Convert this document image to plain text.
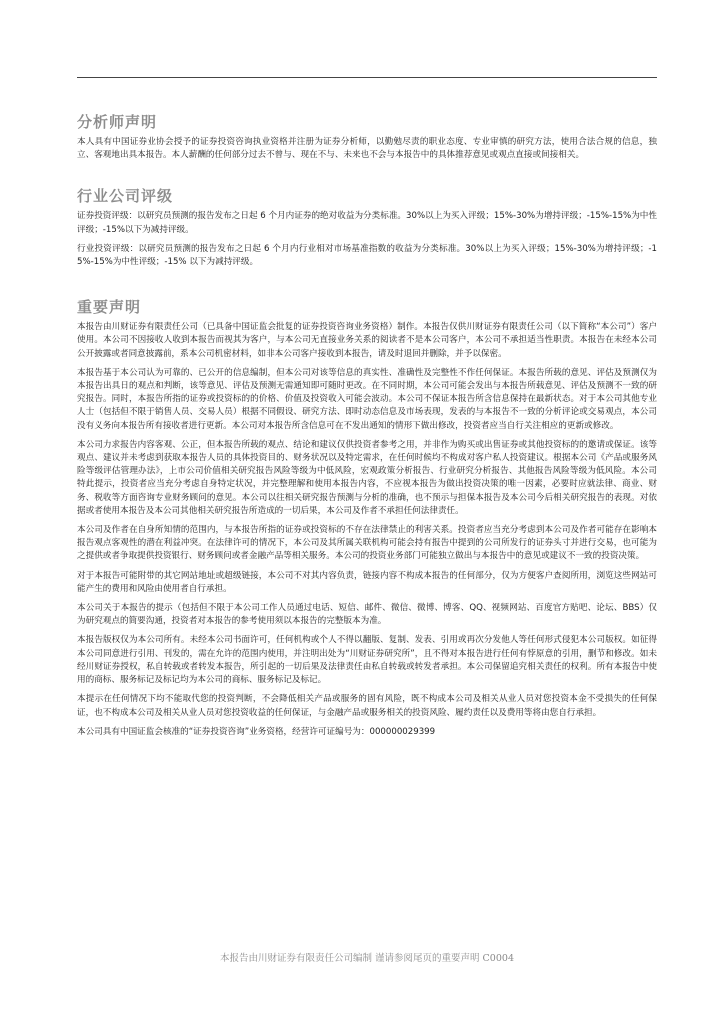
分析师声明

本人具有中国证券业协会授予的证券投资咨询执业资格并注册为证券分析师，以勤勉尽责的职业态度、专业审慎的研究方法，使用合法合规的信息，独立、客观地出具本报告。本人薪酬的任何部分过去不曾与、现在不与、未来也不会与本报告中的具体推荐意见或观点直接或间接相关。

行业公司评级

证券投资评级：以研究员预测的报告发布之日起 6 个月内证券的绝对收益为分类标准。30%以上为买入评级；15%-30%为增持评级；-15%-15%为中性评级；-15%以下为减持评级。

行业投资评级：以研究员预测的报告发布之日起 6 个月内行业相对市场基准指数的收益为分类标准。30%以上为买入评级；15%-30%为增持评级；-15%-15%为中性评级；-15% 以下为减持评级。

重要声明

本报告由川财证券有限责任公司（已具备中国证监会批复的证券投资咨询业务资格）制作。本报告仅供川财证券有限责任公司（以下简称“本公司”）客户使用。本公司不因接收人收到本报告而视其为客户，与本公司无直接业务关系的阅读者不是本公司客户，本公司不承担适当性职责。本报告在未经本公司公开披露或者同意披露前，系本公司机密材料，如非本公司客户接收到本报告，请及时退回并删除，并予以保密。

本报告基于本公司认为可靠的、已公开的信息编制，但本公司对该等信息的真实性、准确性及完整性不作任何保证。本报告所载的意见、评估及预测仅为本报告出具日的观点和判断，该等意见、评估及预测无需通知即可随时更改。在不同时期，本公司可能会发出与本报告所载意见、评估及预测不一致的研究报告。同时，本报告所指的证券或投资标的的价格、价值及投资收入可能会波动。本公司不保证本报告所含信息保持在最新状态。对于本公司其他专业人士（包括但不限于销售人员、交易人员）根据不同假设、研究方法、即时动态信息及市场表现，发表的与本报告不一致的分析评论或交易观点，本公司没有义务向本报告所有接收者进行更新。本公司对本报告所含信息可在不发出通知的情形下做出修改，投资者应当自行关注相应的更新或修改。

本公司力求报告内容客观、公正，但本报告所载的观点、结论和建议仅供投资者参考之用，并非作为购买或出售证券或其他投资标的的邀请或保证。该等观点、建议并未考虑到获取本报告人员的具体投资目的、财务状况以及特定需求，在任何时候均不构成对客户私人投资建议。根据本公司《产品或服务风险等级评估管理办法》，上市公司价值相关研究报告风险等级为中低风险，宏观政策分析报告、行业研究分析报告、其他报告风险等级为低风险。本公司特此提示，投资者应当充分考虑自身特定状况，并完整理解和使用本报告内容，不应视本报告为做出投资决策的唯一因素，必要时应就法律、商业、财务、税收等方面咨询专业财务顾问的意见。本公司以往相关研究报告预测与分析的准确，也不预示与担保本报告及本公司今后相关研究报告的表现。对依据或者使用本报告及本公司其他相关研究报告所造成的一切后果，本公司及作者不承担任何法律责任。

本公司及作者在自身所知情的范围内，与本报告所指的证券或投资标的不存在法律禁止的利害关系。投资者应当充分考虑到本公司及作者可能存在影响本报告观点客观性的潜在利益冲突。在法律许可的情况下，本公司及其所属关联机构可能会持有报告中提到的公司所发行的证券头寸并进行交易，也可能为之提供或者争取提供投资银行、财务顾问或者金融产品等相关服务。本公司的投资业务部门可能独立做出与本报告中的意见或建议不一致的投资决策。

对于本报告可能附带的其它网站地址或超级链接，本公司不对其内容负责，链接内容不构成本报告的任何部分，仅为方便客户查阅所用，浏览这些网站可能产生的费用和风险由使用者自行承担。

本公司关于本报告的提示（包括但不限于本公司工作人员通过电话、短信、邮件、微信、微博、博客、QQ、视频网站、百度官方贴吧、论坛、BBS）仅为研究观点的简要沟通，投资者对本报告的参考使用须以本报告的完整版本为准。

本报告版权仅为本公司所有。未经本公司书面许可，任何机构或个人不得以翻版、复制、发表、引用或再次分发他人等任何形式侵犯本公司版权。如征得本公司同意进行引用、刊发的，需在允许的范围内使用，并注明出处为“川财证券研究所”，且不得对本报告进行任何有悖原意的引用，删节和修改。如未经川财证券授权，私自转载或者转发本报告，所引起的一切后果及法律责任由私自转载或转发者承担。本公司保留追究相关责任的权利。所有本报告中使用的商标、服务标记及标记均为本公司的商标、服务标记及标记。

本提示在任何情况下均不能取代您的投资判断，不会降低相关产品或服务的固有风险，既不构成本公司及相关从业人员对您投资本金不受损失的任何保证，也不构成本公司及相关从业人员对您投资收益的任何保证，与金融产品或服务相关的投资风险、履约责任以及费用等将由您自行承担。

本公司具有中国证监会核准的“证券投资咨询”业务资格，经营许可证编号为：000000029399

本报告由川财证券有限责任公司编制 谨请参阅尾页的重要声明 C0004
